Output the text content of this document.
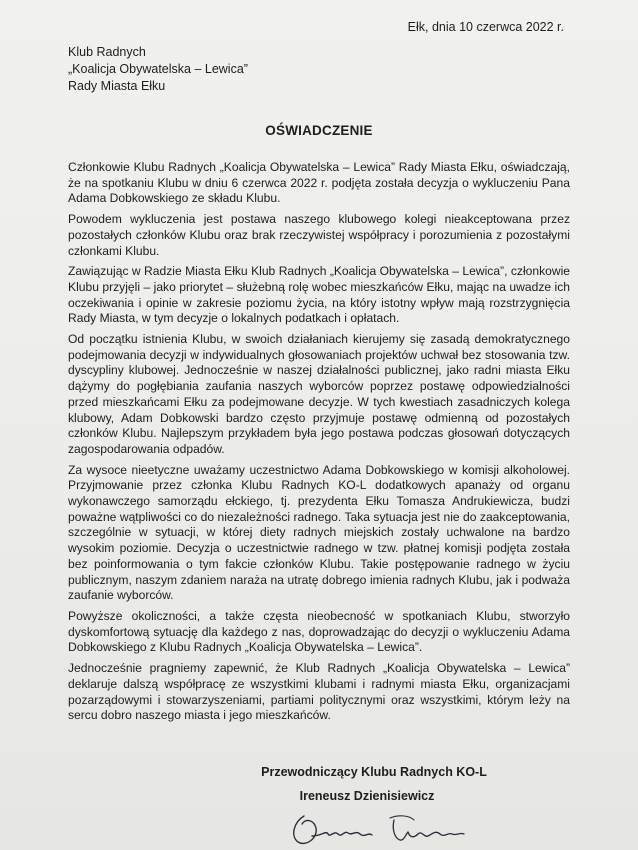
Ełk, dnia 10 czerwca 2022 r.
Klub Radnych
„Koalicja Obywatelska – Lewica”
Rady Miasta Ełku
OŚWIADCZENIE

Członkowie Klubu Radnych „Koalicja Obywatelska – Lewica” Rady Miasta Ełku, oświadczają, że na spotkaniu Klubu w dniu 6 czerwca 2022 r. podjęta została decyzja o wykluczeniu Pana Adama Dobkowskiego ze składu Klubu.

Powodem wykluczenia jest postawa naszego klubowego kolegi nieakceptowana przez pozostałych członków Klubu oraz brak rzeczywistej współpracy i porozumienia z pozostałymi członkami Klubu.

Zawiązując w Radzie Miasta Ełku Klub Radnych „Koalicja Obywatelska – Lewica”, członkowie Klubu przyjęli – jako priorytet – służebną rolę wobec mieszkańców Ełku, mając na uwadze ich oczekiwania i opinie w zakresie poziomu życia, na który istotny wpływ mają rozstrzygnięcia Rady Miasta, w tym decyzje o lokalnych podatkach i opłatach.

Od początku istnienia Klubu, w swoich działaniach kierujemy się zasadą demokratycznego podejmowania decyzji w indywidualnych głosowaniach projektów uchwał bez stosowania tzw. dyscypliny klubowej. Jednocześnie w naszej działalności publicznej, jako radni miasta Ełku dążymy do pogłębiania zaufania naszych wyborców poprzez postawę odpowiedzialności przed mieszkańcami Ełku za podejmowane decyzje. W tych kwestiach zasadniczych kolega klubowy, Adam Dobkowski bardzo często przyjmuje postawę odmienną od pozostałych członków Klubu. Najlepszym przykładem była jego postawa podczas głosowań dotyczących zagospodarowania odpadów.

Za wysoce nieetyczne uważamy uczestnictwo Adama Dobkowskiego w komisji alkoholowej. Przyjmowanie przez członka Klubu Radnych KO-L dodatkowych apanaży od organu wykonawczego samorządu ełckiego, tj. prezydenta Ełku Tomasza Andrukiewicza, budzi poważne wątpliwości co do niezależności radnego. Taka sytuacja jest nie do zaakceptowania, szczególnie w sytuacji, w której diety radnych miejskich zostały uchwalone na bardzo wysokim poziomie. Decyzja o uczestnictwie radnego w tzw. płatnej komisji podjęta została bez poinformowania o tym fakcie członków Klubu. Takie postępowanie radnego w życiu publicznym, naszym zdaniem naraża na utratę dobrego imienia radnych Klubu, jak i podważa zaufanie wyborców.

Powyższe okoliczności, a także częsta nieobecność w spotkaniach Klubu, stworzyło dyskomfortową sytuację dla każdego z nas, doprowadzając do decyzji o wykluczeniu Adama Dobkowskiego z Klubu Radnych „Koalicja Obywatelska – Lewica”.

Jednocześnie pragniemy zapewnić, że Klub Radnych „Koalicja Obywatelska – Lewica” deklaruje dalszą współpracę ze wszystkimi klubami i radnymi miasta Ełku, organizacjami pozarządowymi i stowarzyszeniami, partiami politycznymi oraz wszystkimi, którym leży na sercu dobro naszego miasta i jego mieszkańców.

Przewodniczący Klubu Radnych KO-L
Ireneusz Dzienisiewicz
